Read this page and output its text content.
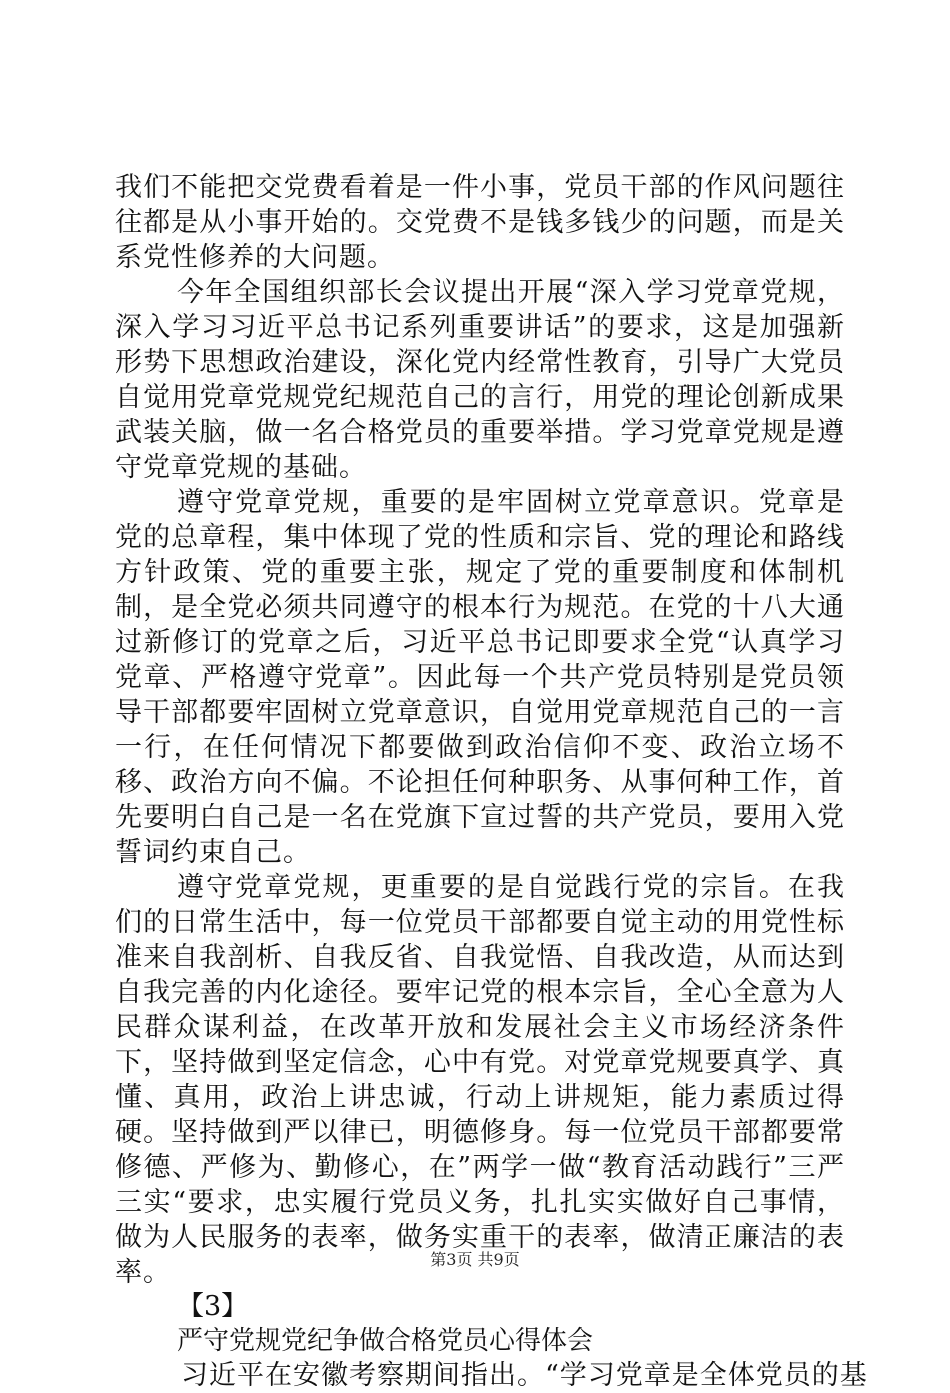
我们不能把交党费看着是一件小事，党员干部的作风问题往往都是从小事开始的。交党费不是钱多钱少的问题，而是关系党性修养的大问题。

今年全国组织部长会议提出开展“深入学习党章党规，深入学习习近平总书记系列重要讲话”的要求，这是加强新形势下思想政治建设，深化党内经常性教育，引导广大党员自觉用党章党规党纪规范自己的言行，用党的理论创新成果武装关脑，做一名合格党员的重要举措。学习党章党规是遵守党章党规的基础。

遵守党章党规，重要的是牢固树立党章意识。党章是党的总章程，集中体现了党的性质和宗旨、党的理论和路线方针政策、党的重要主张，规定了党的重要制度和体制机制，是全党必须共同遵守的根本行为规范。在党的十八大通过新修订的党章之后，习近平总书记即要求全党“认真学习党章、严格遵守党章”。因此每一个共产党员特别是党员领导干部都要牢固树立党章意识，自觉用党章规范自己的一言一行，在任何情况下都要做到政治信仰不变、政治立场不移、政治方向不偏。不论担任何种职务、从事何种工作，首先要明白自己是一名在党旗下宣过誓的共产党员，要用入党誓词约束自己。

遵守党章党规，更重要的是自觉践行党的宗旨。在我们的日常生活中，每一位党员干部都要自觉主动的用党性标准来自我剖析、自我反省、自我觉悟、自我改造，从而达到自我完善的内化途径。要牢记党的根本宗旨，全心全意为人民群众谋利益，在改革开放和发展社会主义市场经济条件下，坚持做到坚定信念，心中有党。对党章党规要真学、真懂、真用，政治上讲忠诚，行动上讲规矩，能力素质过得硬。坚持做到严以律已，明德修身。每一位党员干部都要常修德、严修为、勤修心，在”两学一做“教育活动践行”三严三实“要求，忠实履行党员义务，扎扎实实做好自己事情，做为人民服务的表率，做务实重干的表率，做清正廉洁的表率。

【3】

严守党规党纪争做合格党员心得体会

习近平在安徽考察期间指出。“学习党章是全体党员的基

第3页 共9页
